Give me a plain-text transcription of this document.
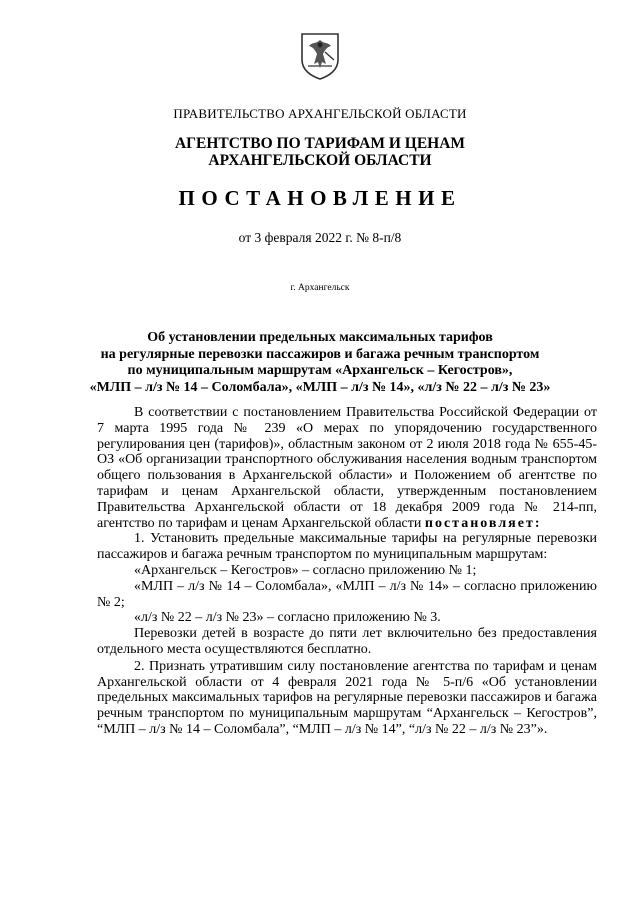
ПРАВИТЕЛЬСТВО АРХАНГЕЛЬСКОЙ ОБЛАСТИ
АГЕНТСТВО ПО ТАРИФАМ И ЦЕНАМ
АРХАНГЕЛЬСКОЙ ОБЛАСТИ
ПОСТАНОВЛЕНИЕ
от 3 февраля 2022 г. № 8-п/8
г. Архангельск
Об установлении предельных максимальных тарифов
на регулярные перевозки пассажиров и багажа речным транспортом
по муниципальным маршрутам «Архангельск – Кегостров»,
«МЛП – л/з № 14 – Соломбала», «МЛП – л/з № 14», «л/з № 22 – л/з № 23»

В соответствии с постановлением Правительства Российской Федерации от 7 марта 1995 года № 239 «О мерах по упорядочению государственного регулирования цен (тарифов)», областным законом от 2 июля 2018 года № 655-45-ОЗ «Об организации транспортного обслуживания населения водным транспортом общего пользования в Архангельской области» и Положением об агентстве по тарифам и ценам Архангельской области, утвержденным постановлением Правительства Архангельской области от 18 декабря 2009 года № 214-пп, агентство по тарифам и ценам Архангельской области постановляет:

1. Установить предельные максимальные тарифы на регулярные перевозки пассажиров и багажа речным транспортом по муниципальным маршрутам:

«Архангельск – Кегостров» – согласно приложению № 1;

«МЛП – л/з № 14 – Соломбала», «МЛП – л/з № 14» – согласно приложению № 2;

«л/з № 22 – л/з № 23» – согласно приложению № 3.

Перевозки детей в возрасте до пяти лет включительно без предоставления отдельного места осуществляются бесплатно.

2. Признать утратившим силу постановление агентства по тарифам и ценам Архангельской области от 4 февраля 2021 года № 5-п/6 «Об установлении предельных максимальных тарифов на регулярные перевозки пассажиров и багажа речным транспортом по муниципальным маршрутам “Архангельск – Кегостров”, “МЛП – л/з № 14 – Соломбала”, “МЛП – л/з № 14”, “л/з № 22 – л/з № 23”».
